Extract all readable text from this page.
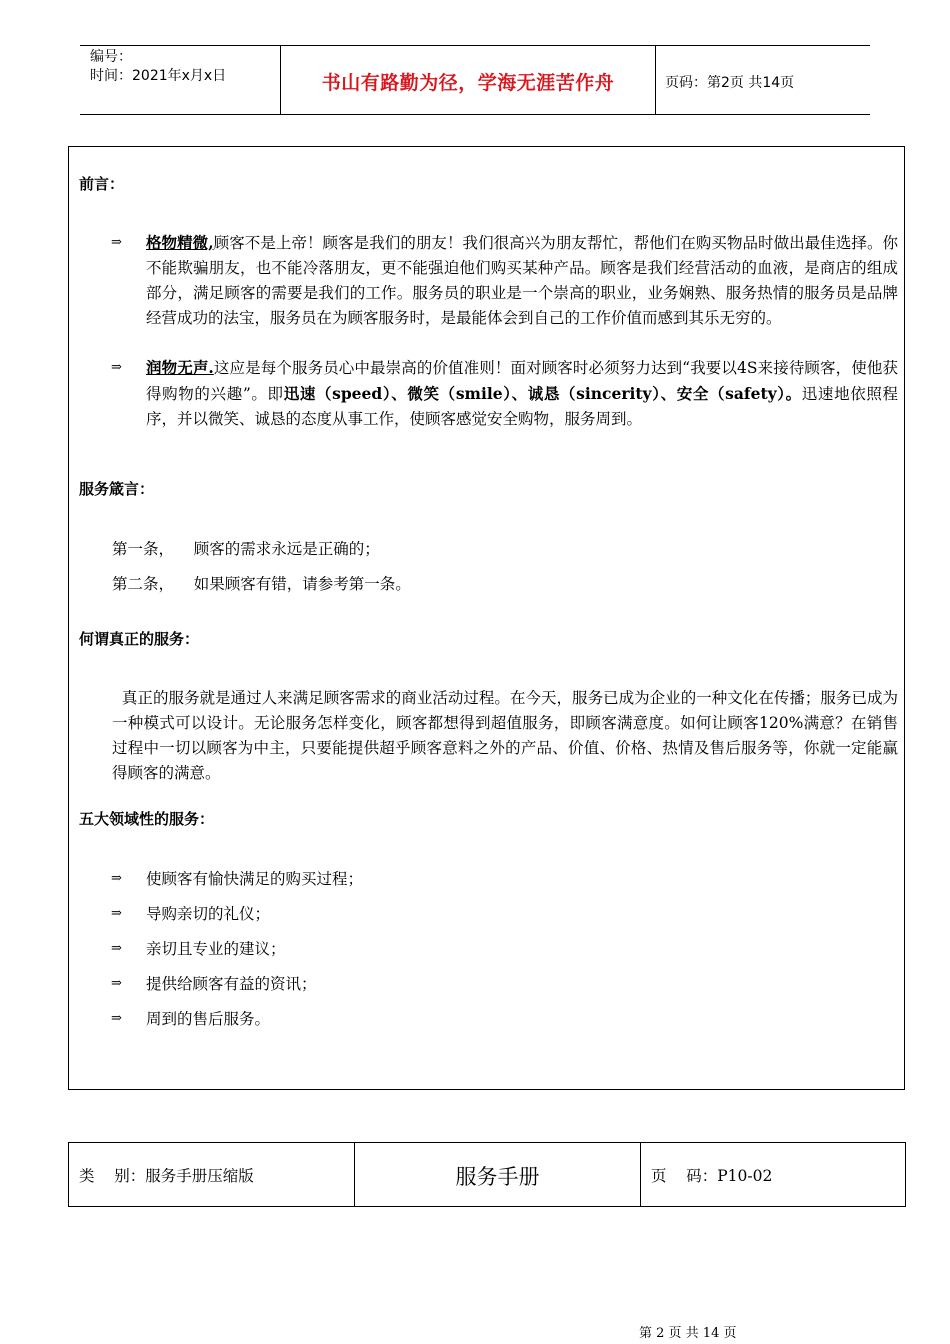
编号：
时间：2021年x月x日	书山有路勤为径，学海无涯苦作舟	页码：第2页 共14页
前言：
⇒ 格物精微,顾客不是上帝！顾客是我们的朋友！我们很高兴为朋友帮忙，帮他们在购买物品时做出最佳选择。你不能欺骗朋友，也不能冷落朋友，更不能强迫他们购买某种产品。顾客是我们经营活动的血液，是商店的组成部分，满足顾客的需要是我们的工作。服务员的职业是一个崇高的职业，业务娴熟、服务热情的服务员是品牌经营成功的法宝，服务员在为顾客服务时，是最能体会到自己的工作价值而感到其乐无穷的。
⇒ 润物无声.这应是每个服务员心中最崇高的价值准则！面对顾客时必须努力达到“我要以4S来接待顾客，使他获得购物的兴趣”。即迅速（speed）、微笑（smile）、诚恳（sincerity）、安全（safety）。迅速地依照程序，并以微笑、诚恳的态度从事工作，使顾客感觉安全购物，服务周到。
服务箴言：
第一条，    顾客的需求永远是正确的；
第二条，    如果顾客有错，请参考第一条。
何谓真正的服务：
真正的服务就是通过人来满足顾客需求的商业活动过程。在今天，服务已成为企业的一种文化在传播；服务已成为一种模式可以设计。无论服务怎样变化，顾客都想得到超值服务，即顾客满意度。如何让顾客120%满意？在销售过程中一切以顾客为中主，只要能提供超乎顾客意料之外的产品、价值、价格、热情及售后服务等，你就一定能赢得顾客的满意。
五大领域性的服务：
⇒ 使顾客有愉快满足的购买过程；
⇒ 导购亲切的礼仪；
⇒ 亲切且专业的建议；
⇒ 提供给顾客有益的资讯；
⇒ 周到的售后服务。
类    别：服务手册压缩版	服务手册	页    码：P10-02
第 2 页 共 14 页
